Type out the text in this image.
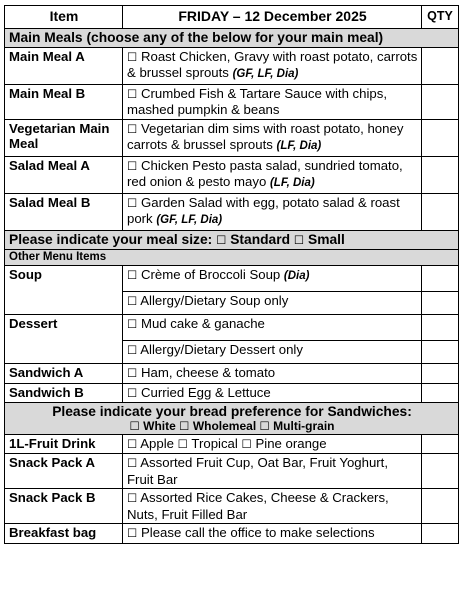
Item	FRIDAY – 12 December 2025	QTY
Main Meals (choose any of the below for your main meal)		
Main Meal A	☐ Roast Chicken, Gravy with roast potato, carrots & brussel sprouts (GF, LF, Dia)	
Main Meal B	☐ Crumbed Fish & Tartare Sauce with chips, mashed pumpkin & beans	
Vegetarian Main Meal	☐ Vegetarian dim sims with roast potato, honey carrots & brussel sprouts (LF, Dia)	
Salad Meal A	☐ Chicken Pesto pasta salad, sundried tomato, red onion & pesto mayo (LF, Dia)	
Salad Meal B	☐ Garden Salad with egg, potato salad & roast pork (GF, LF, Dia)	
Please indicate your meal size: ☐ Standard ☐ Small		
Other Menu Items		
Soup	☐ Crème of Broccoli Soup (Dia)	
	☐ Allergy/Dietary Soup only	
Dessert	☐ Mud cake & ganache	
	☐ Allergy/Dietary Dessert only	
Sandwich A	☐ Ham, cheese & tomato	
Sandwich B	☐ Curried Egg & Lettuce	

Please indicate your bread preference for Sandwiches:
☐ White ☐ Wholemeal ☐ Multi-grain		

1L-Fruit Drink	☐ Apple ☐ Tropical ☐ Pine orange	
Snack Pack A	☐ Assorted Fruit Cup, Oat Bar, Fruit Yoghurt, Fruit Bar	
Snack Pack B	☐ Assorted Rice Cakes, Cheese & Crackers, Nuts, Fruit Filled Bar	
Breakfast bag	☐ Please call the office to make selections	
